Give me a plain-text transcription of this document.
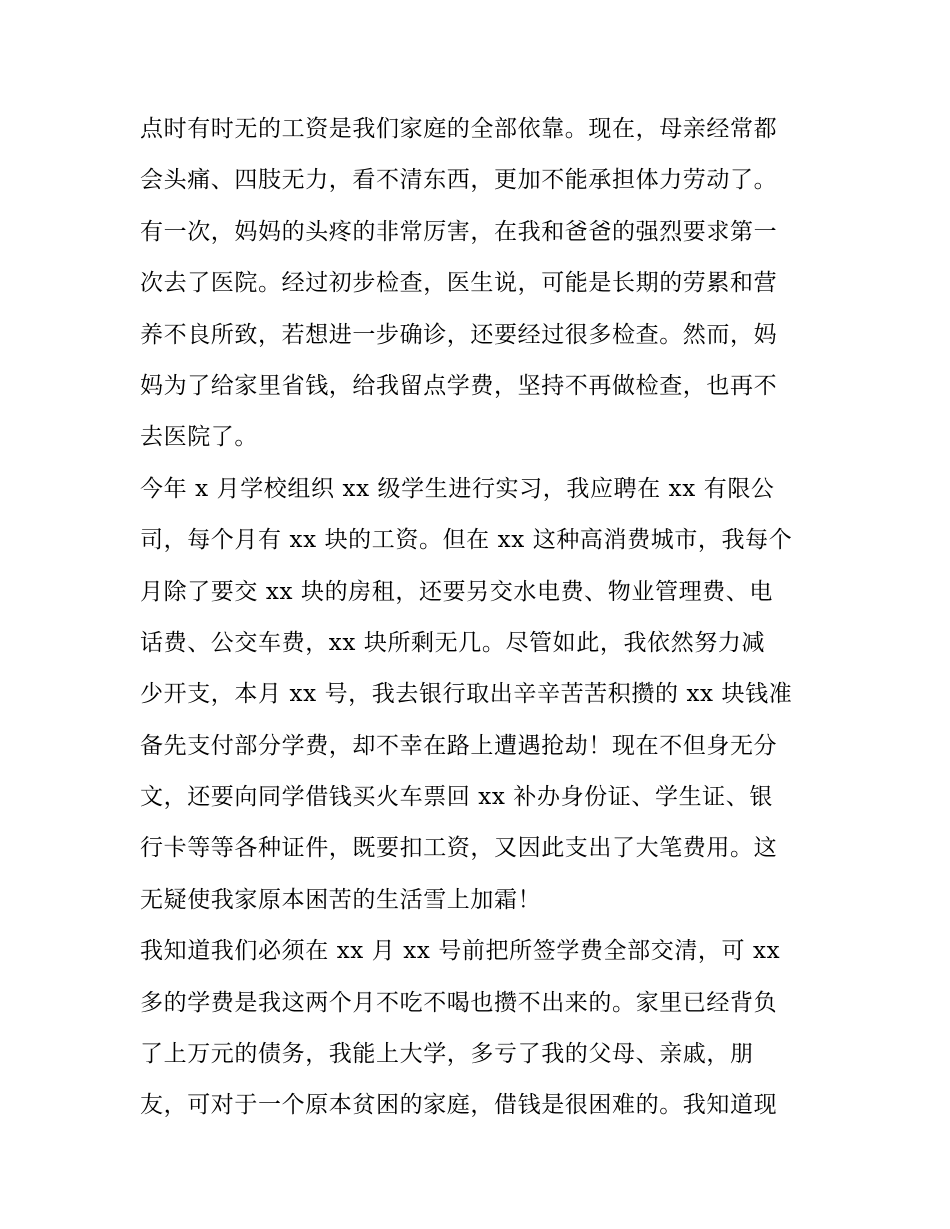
点时有时无的工资是我们家庭的全部依靠。现在，母亲经常都
会头痛、四肢无力，看不清东西，更加不能承担体力劳动了。
有一次，妈妈的头疼的非常厉害，在我和爸爸的强烈要求第一
次去了医院。经过初步检查，医生说，可能是长期的劳累和营
养不良所致，若想进一步确诊，还要经过很多检查。然而，妈
妈为了给家里省钱，给我留点学费，坚持不再做检查，也再不
去医院了。
今年 x 月学校组织 xx 级学生进行实习，我应聘在 xx 有限公
司，每个月有 xx 块的工资。但在 xx 这种高消费城市，我每个
月除了要交 xx 块的房租，还要另交水电费、物业管理费、电
话费、公交车费，xx 块所剩无几。尽管如此，我依然努力减
少开支，本月 xx 号，我去银行取出辛辛苦苦积攒的 xx 块钱准
备先支付部分学费，却不幸在路上遭遇抢劫！现在不但身无分
文，还要向同学借钱买火车票回 xx 补办身份证、学生证、银
行卡等等各种证件，既要扣工资，又因此支出了大笔费用。这
无疑使我家原本困苦的生活雪上加霜！
我知道我们必须在 xx 月 xx 号前把所签学费全部交清，可 xx
多的学费是我这两个月不吃不喝也攒不出来的。家里已经背负
了上万元的债务，我能上大学，多亏了我的父母、亲戚，朋
友，可对于一个原本贫困的家庭，借钱是很困难的。我知道现
